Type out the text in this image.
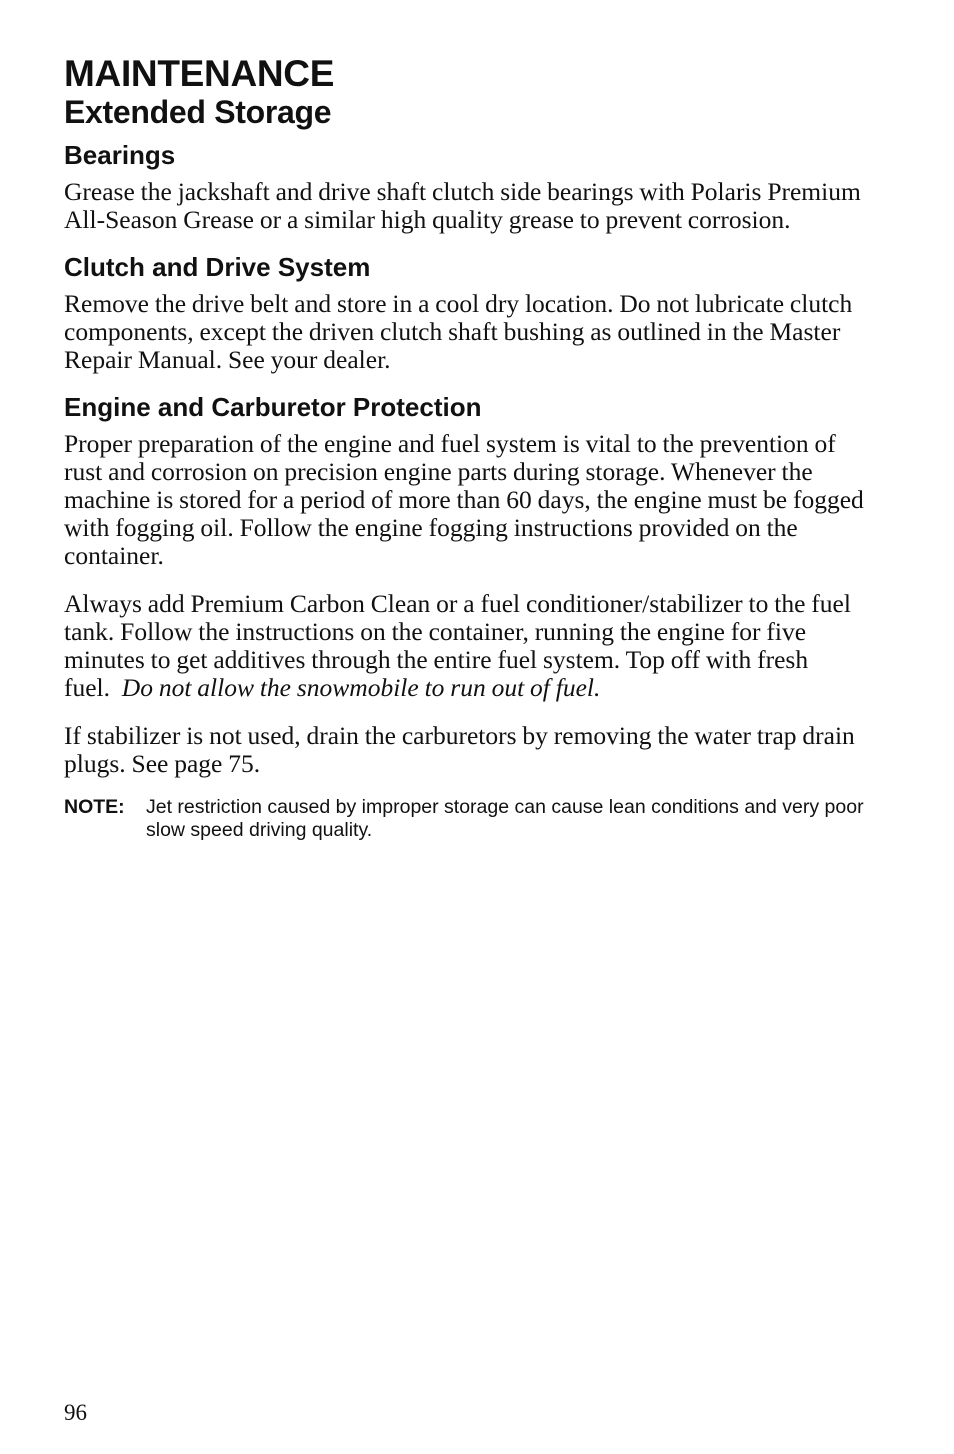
MAINTENANCE
Extended Storage
Bearings

Grease the jackshaft and drive shaft clutch side bearings with Polaris Premium All-Season Grease or a similar high quality grease to prevent corrosion.

Clutch and Drive System

Remove the drive belt and store in a cool dry location. Do not lubricate clutch components, except the driven clutch shaft bushing as outlined in the Master Repair Manual. See your dealer.

Engine and Carburetor Protection

Proper preparation of the engine and fuel system is vital to the prevention of rust and corrosion on precision engine parts during storage. Whenever the machine is stored for a period of more than 60 days, the engine must be fogged with fogging oil. Follow the engine fogging instructions provided on the container.

Always add Premium Carbon Clean or a fuel conditioner/stabilizer to the fuel tank. Follow the instructions on the container, running the engine for five minutes to get additives through the entire fuel system. Top off with fresh fuel. Do not allow the snowmobile to run out of fuel.

If stabilizer is not used, drain the carburetors by removing the water trap drain plugs. See page 75.

NOTE:	Jet restriction caused by improper storage can cause lean conditions and very poor slow speed driving quality.
96
